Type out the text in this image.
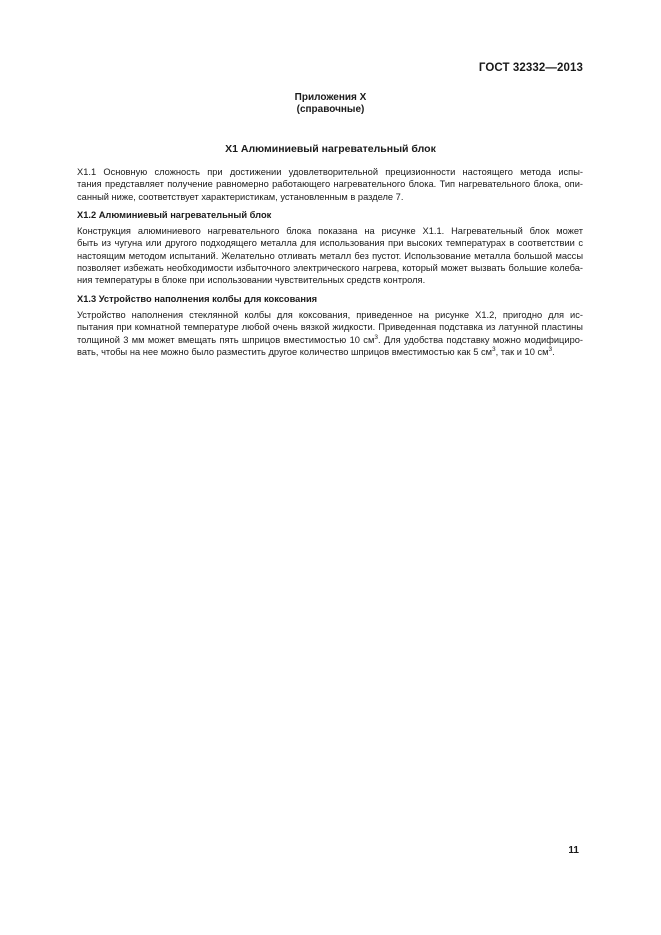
ГОСТ 32332—2013
Приложения X
(справочные)
X1 Алюминиевый нагревательный блок
X1.1 Основную сложность при достижении удовлетворительной прецизионности настоящего метода испы-
тания представляет получение равномерно работающего нагревательного блока. Тип нагревательного блока, опи-
санный ниже, соответствует характеристикам, установленным в разделе 7.
X1.2 Алюминиевый нагревательный блок
Конструкция алюминиевого нагревательного блока показана на рисунке X1.1. Нагревательный блок может
быть из чугуна или другого подходящего металла для использования при высоких температурах в соответствии с
настоящим методом испытаний. Желательно отливать металл без пустот. Использование металла большой массы
позволяет избежать необходимости избыточного электрического нагрева, который может вызвать большие колеба-
ния температуры в блоке при использовании чувствительных средств контроля.
X1.3 Устройство наполнения колбы для коксования
Устройство наполнения стеклянной колбы для коксования, приведенное на рисунке X1.2, пригодно для ис-
пытания при комнатной температуре любой очень вязкой жидкости. Приведенная подставка из латунной пластины
толщиной 3 мм может вмещать пять шприцов вместимостью 10 $см^3$. Для удобства подставку можно модифициро-
вать, чтобы на нее можно было разместить другое количество шприцов вместимостью как 5 $см^3$, так и 10 $см^3$.
11
